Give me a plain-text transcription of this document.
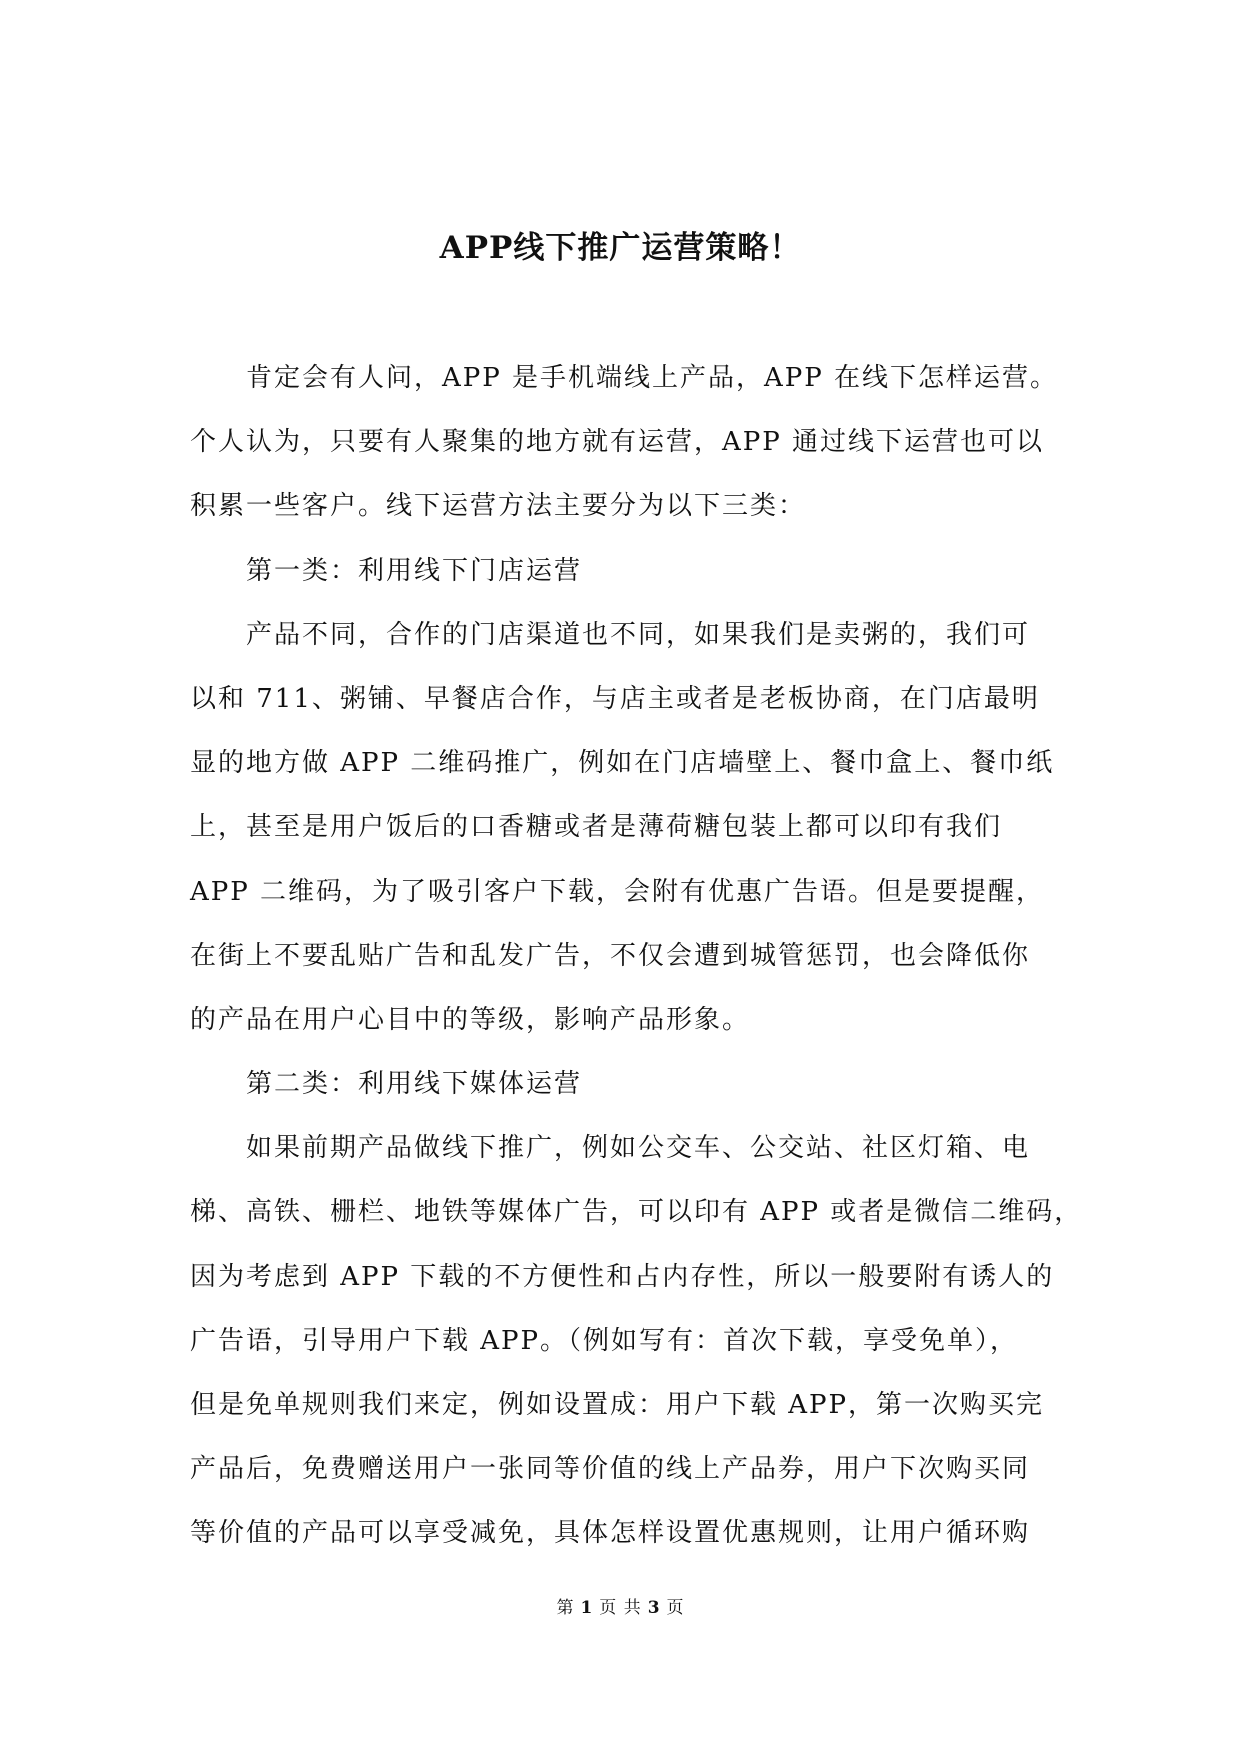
APP线下推广运营策略！
肯定会有人问，APP 是手机端线上产品，APP 在线下怎样运营。
个人认为，只要有人聚集的地方就有运营，APP 通过线下运营也可以
积累一些客户。线下运营方法主要分为以下三类：
第一类：利用线下门店运营
产品不同，合作的门店渠道也不同，如果我们是卖粥的，我们可
以和 711、粥铺、早餐店合作，与店主或者是老板协商，在门店最明
显的地方做 APP 二维码推广，例如在门店墙壁上、餐巾盒上、餐巾纸
上，甚至是用户饭后的口香糖或者是薄荷糖包装上都可以印有我们
APP 二维码，为了吸引客户下载，会附有优惠广告语。但是要提醒，
在街上不要乱贴广告和乱发广告，不仅会遭到城管惩罚，也会降低你
的产品在用户心目中的等级，影响产品形象。
第二类：利用线下媒体运营
如果前期产品做线下推广，例如公交车、公交站、社区灯箱、电
梯、高铁、栅栏、地铁等媒体广告，可以印有 APP 或者是微信二维码，
因为考虑到 APP 下载的不方便性和占内存性，所以一般要附有诱人的
广告语，引导用户下载 APP。（例如写有：首次下载，享受免单），
但是免单规则我们来定，例如设置成：用户下载 APP，第一次购买完
产品后，免费赠送用户一张同等价值的线上产品券，用户下次购买同
等价值的产品可以享受减免，具体怎样设置优惠规则，让用户循环购
第 1 页 共 3 页
